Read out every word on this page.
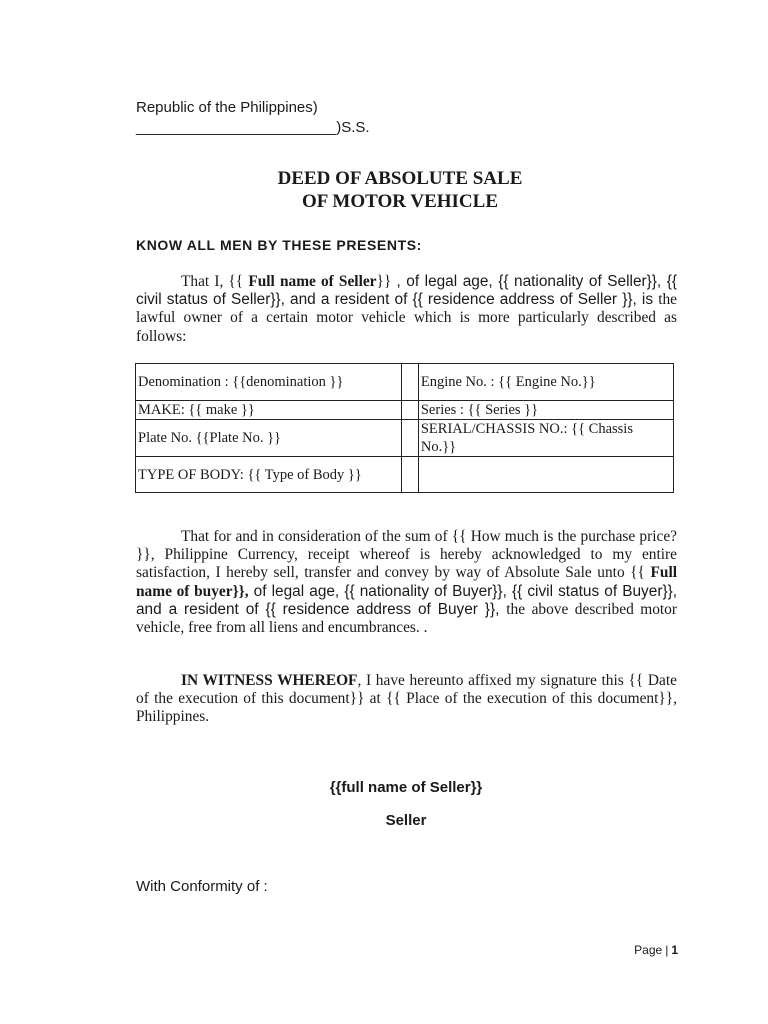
Republic of the Philippines)
________________________)S.S.
DEED OF ABSOLUTE SALE
OF MOTOR VEHICLE
KNOW ALL MEN BY THESE PRESENTS:
That I, {{ Full name of Seller}} , of legal age, {{ nationality of Seller}}, {{ civil status of Seller}}, and a resident of {{ residence address of Seller }}, is the lawful owner of a certain motor vehicle which is more particularly described as follows:
Denomination : {{denomination }}		Engine No. : {{ Engine No.}}
MAKE: {{ make }}		Series : {{ Series }}
Plate No. {{Plate No. }}		SERIAL/CHASSIS NO.: {{ Chassis No.}}
TYPE OF BODY: {{ Type of Body }}		
That for and in consideration of the sum of {{ How much is the purchase price? }}, Philippine Currency, receipt whereof is hereby acknowledged to my entire satisfaction, I hereby sell, transfer and convey by way of Absolute Sale unto {{ Full name of buyer}}, of legal age, {{ nationality of Buyer}}, {{ civil status of Buyer}}, and a resident of {{ residence address of Buyer }}, the above described motor vehicle, free from all liens and encumbrances. .
IN WITNESS WHEREOF, I have hereunto affixed my signature this {{ Date of the execution of this document}} at {{ Place of the execution of this document}}, Philippines.
{{full name of Seller}}
Seller
With Conformity of :
Page | 1
